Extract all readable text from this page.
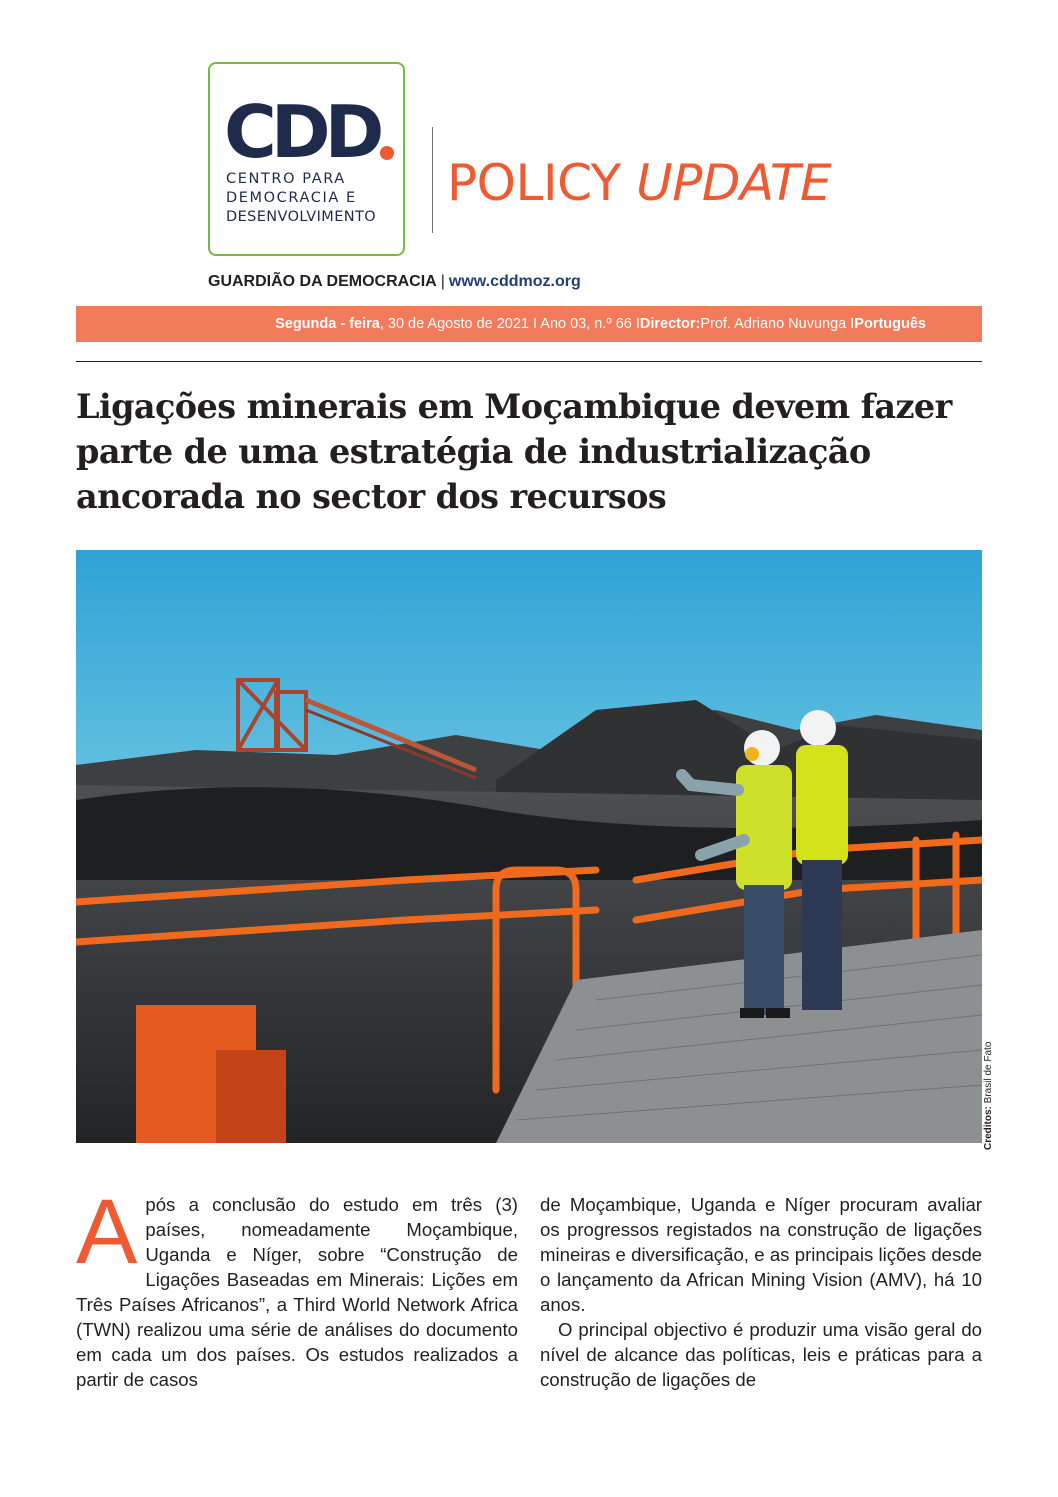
CDD
CENTRO PARA
DEMOCRACIA E
DESENVOLVIMENTO
POLICY UPDATE
GUARDIÃO DA DEMOCRACIA | www.cddmoz.org
Segunda - feira , 30 de Agosto de 2021 I Ano 03, n.º 66 I Director: Prof. Adriano Nuvunga I Português
Ligações minerais em Moçambique devem fazer parte de uma estratégia de industrialização ancorada no sector dos recursos
Creditos: Brasil de Fato

Após a conclusão do estudo em três (3) países, nomeadamente Moçambique, Uganda e Níger, sobre “Construção de Ligações Baseadas em Minerais: Lições em Três Países Africanos”, a Third World Network Africa (TWN) realizou uma série de análises do documento em cada um dos países. Os estudos realizados a partir de casos

de Moçambique, Uganda e Níger procuram avaliar os progressos registados na construção de ligações mineiras e diversificação, e as principais lições desde o lançamento da African Mining Vision (AMV), há 10 anos.

O principal objectivo é produzir uma visão geral do nível de alcance das políticas, leis e práticas para a construção de ligações de
